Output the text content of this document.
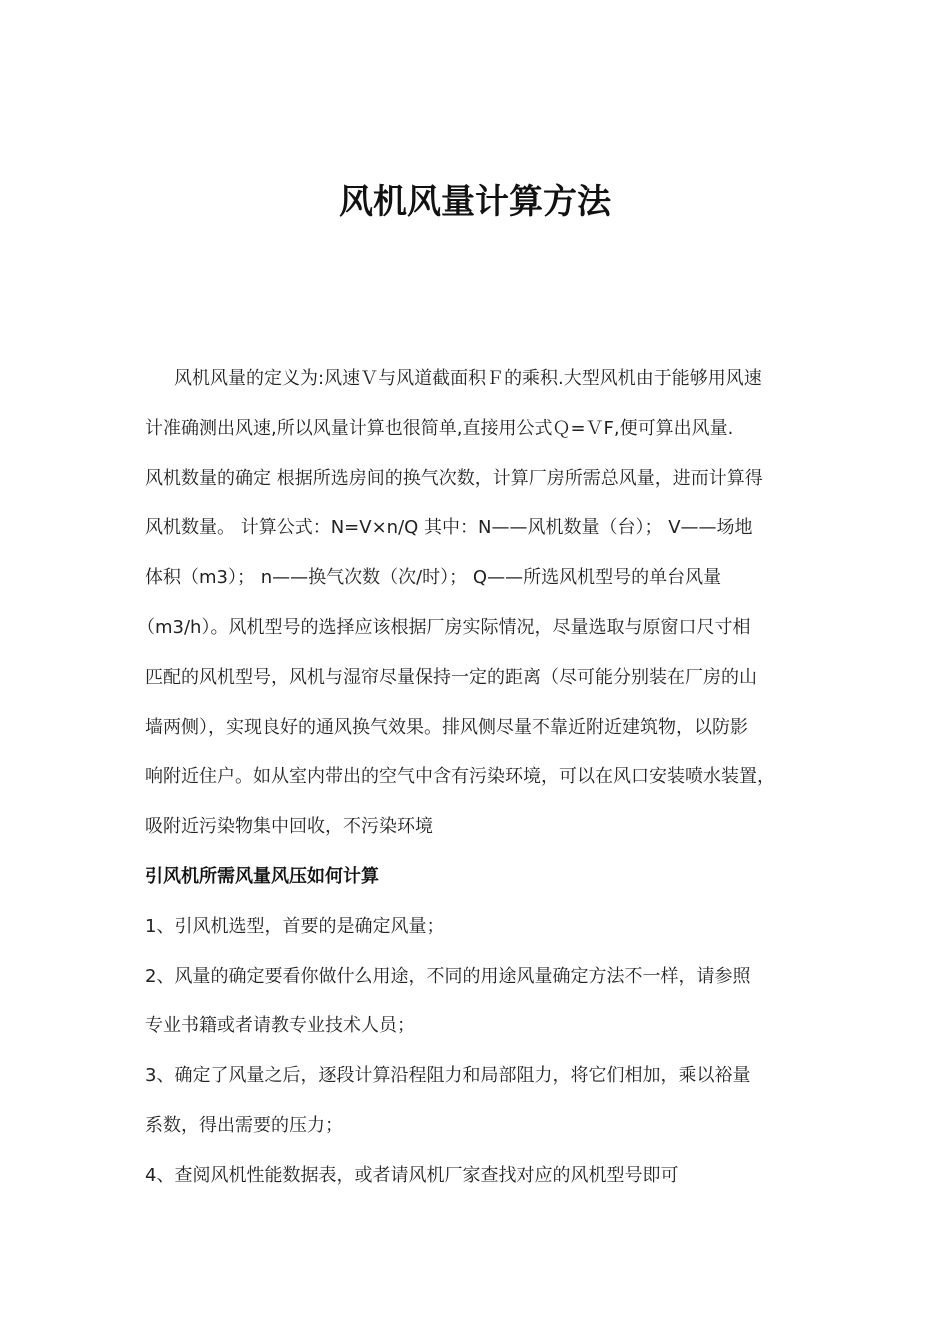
风机风量计算方法
风机风量的定义为:风速Ｖ与风道截面积Ｆ的乘积.大型风机由于能够用风速
计准确测出风速,所以风量计算也很简单,直接用公式Ｑ=ＶF,便可算出风量.
风机数量的确定 根据所选房间的换气次数，计算厂房所需总风量，进而计算得
风机数量。 计算公式：N=V×n/Q 其中：N——风机数量（台）； V——场地
体积（m3）； n——换气次数（次/时）； Q——所选风机型号的单台风量
（m3/h）。风机型号的选择应该根据厂房实际情况，尽量选取与原窗口尺寸相
匹配的风机型号，风机与湿帘尽量保持一定的距离（尽可能分别装在厂房的山
墙两侧），实现良好的通风换气效果。排风侧尽量不靠近附近建筑物，以防影
响附近住户。如从室内带出的空气中含有污染环境，可以在风口安装喷水装置，
吸附近污染物集中回收，不污染环境
引风机所需风量风压如何计算
1、引风机选型，首要的是确定风量；
2、风量的确定要看你做什么用途，不同的用途风量确定方法不一样，请参照
专业书籍或者请教专业技术人员；
3、确定了风量之后，逐段计算沿程阻力和局部阻力，将它们相加，乘以裕量
系数，得出需要的压力；
4、查阅风机性能数据表，或者请风机厂家查找对应的风机型号即可
